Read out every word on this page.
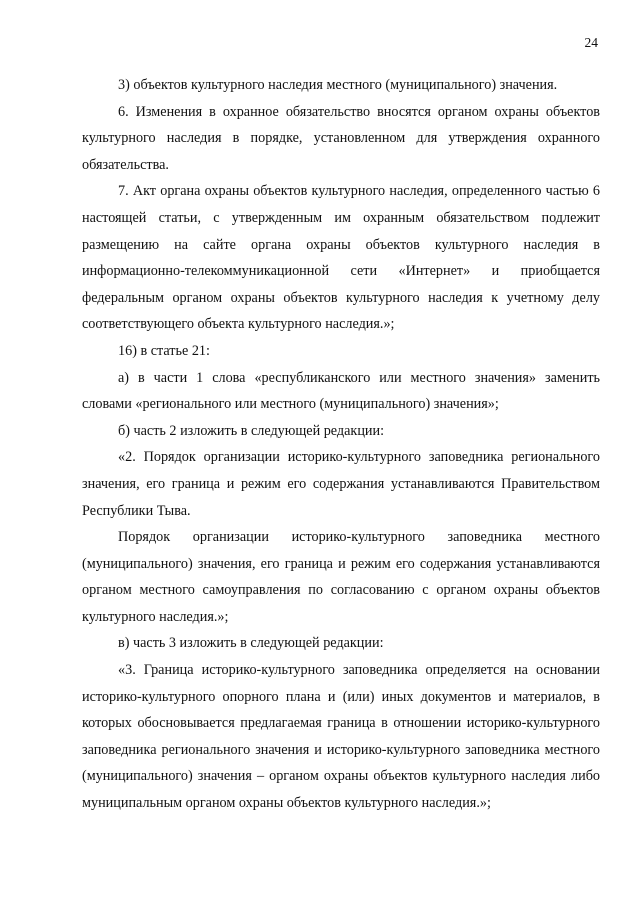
24

3) объектов культурного наследия местного (муниципального) значения.

6. Изменения в охранное обязательство вносятся органом охраны объектов культурного наследия в порядке, установленном для утверждения охранного обязательства.

7. Акт органа охраны объектов культурного наследия, определенного частью 6 настоящей статьи, с утвержденным им охранным обязательством подлежит размещению на сайте органа охраны объектов культурного наследия в информационно-телекоммуникационной сети «Интернет» и приобщается федеральным органом охраны объектов культурного наследия к учетному делу соответствующего объекта культурного наследия.»;

16) в статье 21:

а) в части 1 слова «республиканского или местного значения» заменить словами «регионального или местного (муниципального) значения»;

б) часть 2 изложить в следующей редакции:

«2. Порядок организации историко-культурного заповедника регионального значения, его граница и режим его содержания устанавливаются Правительством Республики Тыва.

Порядок организации историко-культурного заповедника местного (муниципального) значения, его граница и режим его содержания устанавливаются органом местного самоуправления по согласованию с органом охраны объектов культурного наследия.»;

в) часть 3 изложить в следующей редакции:

«3. Граница историко-культурного заповедника определяется на основании историко-культурного опорного плана и (или) иных документов и материалов, в которых обосновывается предлагаемая граница в отношении историко-культурного заповедника регионального значения и историко-культурного заповедника местного (муниципального) значения – органом охраны объектов культурного наследия либо муниципальным органом охраны объектов культурного наследия.»;
